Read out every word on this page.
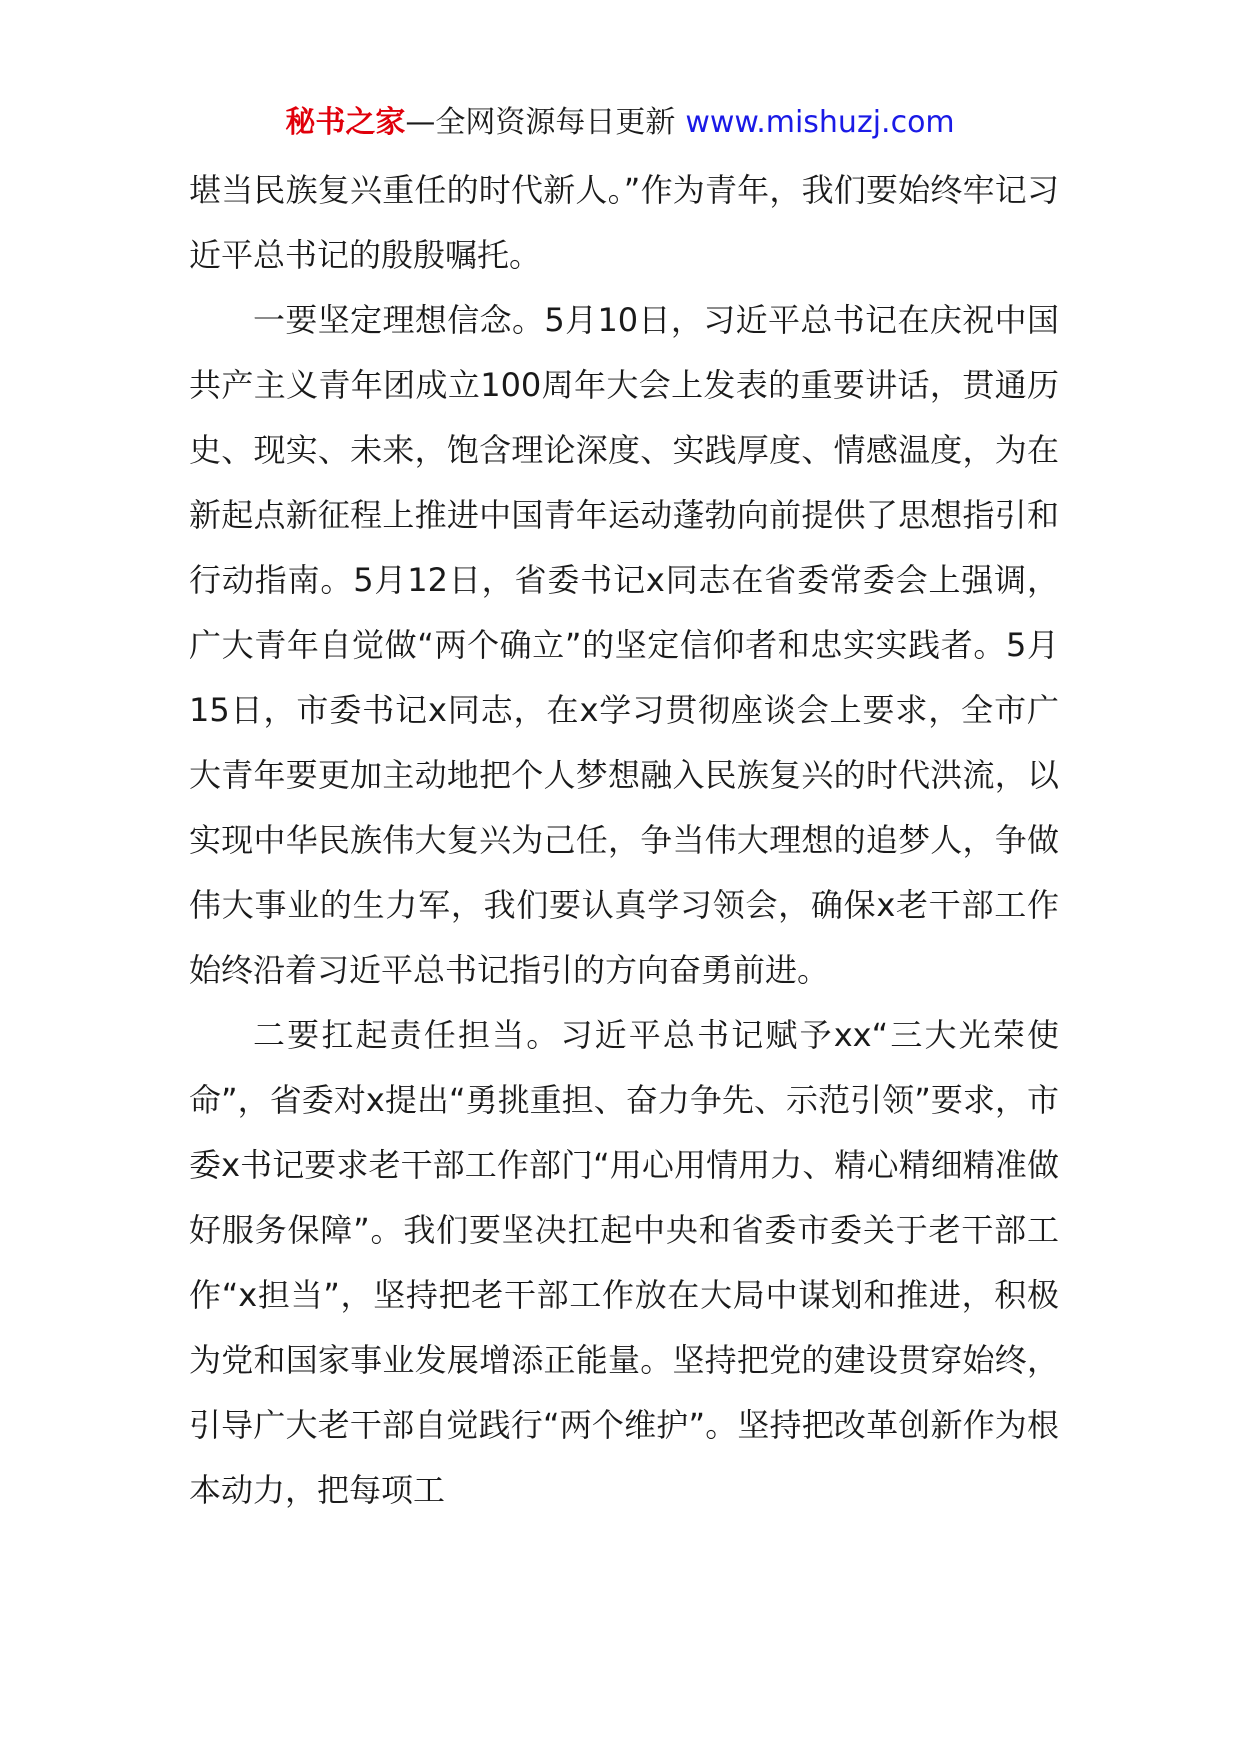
秘书之家—全网资源每日更新 www.mishuzj.com

堪当民族复兴重任的时代新人。”作为青年，我们要始终牢记习近平总书记的殷殷嘱托。

一要坚定理想信念。5月10日，习近平总书记在庆祝中国共产主义青年团成立100周年大会上发表的重要讲话，贯通历史、现实、未来，饱含理论深度、实践厚度、情感温度，为在新起点新征程上推进中国青年运动蓬勃向前提供了思想指引和行动指南。5月12日，省委书记x同志在省委常委会上强调，广大青年自觉做“两个确立”的坚定信仰者和忠实实践者。5月15日，市委书记x同志，在x学习贯彻座谈会上要求，全市广大青年要更加主动地把个人梦想融入民族复兴的时代洪流，以实现中华民族伟大复兴为己任，争当伟大理想的追梦人，争做伟大事业的生力军，我们要认真学习领会，确保x老干部工作始终沿着习近平总书记指引的方向奋勇前进。

二要扛起责任担当。习近平总书记赋予xx“三大光荣使命”，省委对x提出“勇挑重担、奋力争先、示范引领”要求，市委x书记要求老干部工作部门“用心用情用力、精心精细精准做好服务保障”。我们要坚决扛起中央和省委市委关于老干部工作“x担当”，坚持把老干部工作放在大局中谋划和推进，积极为党和国家事业发展增添正能量。坚持把党的建设贯穿始终，引导广大老干部自觉践行“两个维护”。坚持把改革创新作为根本动力，把每项工
